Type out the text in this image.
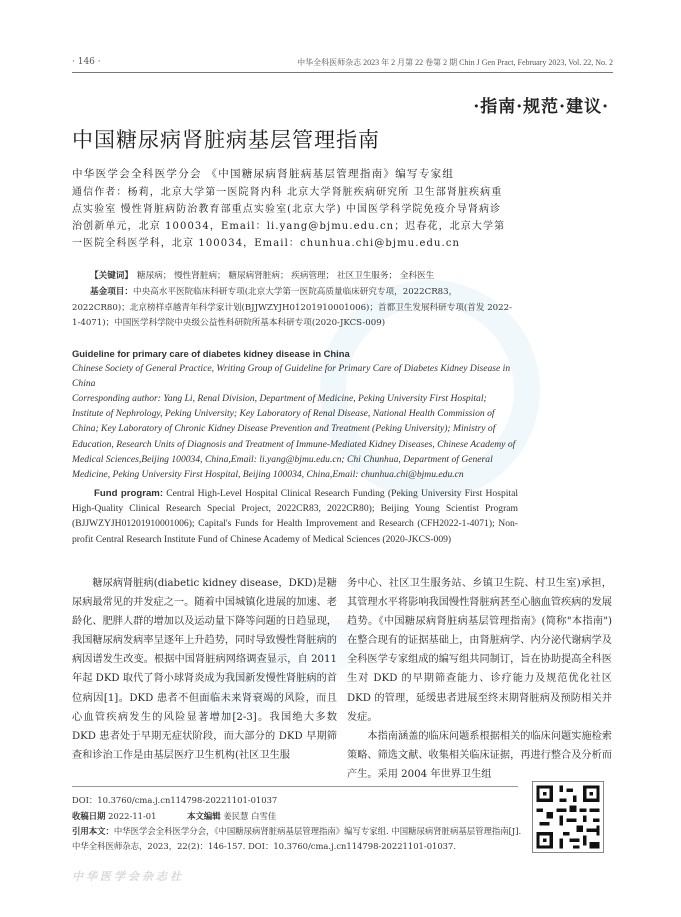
· 146 ·	中华全科医师杂志 2023 年 2 月第 22 卷第 2 期 Chin J Gen Pract, February 2023, Vol. 22, No. 2
·指南·规范·建议·
中国糖尿病肾脏病基层管理指南
中华医学会全科医学分会 《中国糖尿病肾脏病基层管理指南》编写专家组
通信作者：杨莉，北京大学第一医院肾内科 北京大学肾脏疾病研究所 卫生部肾脏疾病重点实验室 慢性肾脏病防治教育部重点实验室(北京大学) 中国医学科学院免疫介导肾病诊治创新单元，北京 100034，Email：li.yang@bjmu.edu.cn；迟春花，北京大学第一医院全科医学科，北京 100034，Email：chunhua.chi@bjmu.edu.cn
【关键词】 糖尿病； 慢性肾脏病； 糖尿病肾脏病； 疾病管理； 社区卫生服务； 全科医生
基金项目：中央高水平医院临床科研专项(北京大学第一医院高质量临床研究专项，2022CR83，2022CR80)；北京榜样卓越青年科学家计划(BJJWZYJH01201910001006)；首都卫生发展科研专项(首发 2022-1-4071)；中国医学科学院中央级公益性科研院所基本科研专项(2020-JKCS-009)
Guideline for primary care of diabetes kidney disease in China
Chinese Society of General Practice, Writing Group of Guideline for Primary Care of Diabetes Kidney Disease in China
Corresponding author: Yang Li, Renal Division, Department of Medicine, Peking University First Hospital; Institute of Nephrology, Peking University; Key Laboratory of Renal Disease, National Health Commission of China; Key Laboratory of Chronic Kidney Disease Prevention and Treatment (Peking University); Ministry of Education, Research Units of Diagnosis and Treatment of Immune-Mediated Kidney Diseases, Chinese Academy of Medical Sciences,Beijing 100034, China,Email: li.yang@bjmu.edu.cn; Chi Chunhua, Department of General Medicine, Peking University First Hospital, Beijing 100034, China,Email: chunhua.chi@bjmu.edu.cn
Fund program: Central High-Level Hospital Clinical Research Funding (Peking University First Hospital High-Quality Clinical Research Special Project, 2022CR83, 2022CR80); Beijing Young Scientist Program (BJJWZYJH01201910001006); Capital's Funds for Health Improvement and Research (CFH2022-1-4071); Non-profit Central Research Institute Fund of Chinese Academy of Medical Sciences (2020-JKCS-009)

糖尿病肾脏病(diabetic kidney disease，DKD)是糖尿病最常见的并发症之一。随着中国城镇化进展的加速、老龄化、肥胖人群的增加以及运动量下降等问题的日趋显现，我国糖尿病发病率呈逐年上升趋势，同时导致慢性肾脏病的病因谱发生改变。根据中国肾脏病网络调查显示，自 2011 年起 DKD 取代了肾小球肾炎成为我国新发慢性肾脏病的首位病因[1]。DKD 患者不但面临未来肾衰竭的风险，而且心血管疾病发生的风险显著增加[2-3]。我国绝大多数 DKD 患者处于早期无症状阶段，而大部分的 DKD 早期筛查和诊治工作是由基层医疗卫生机构(社区卫生服

务中心、社区卫生服务站、乡镇卫生院、村卫生室)承担，其管理水平将影响我国慢性肾脏病甚至心脑血管疾病的发展趋势。《中国糖尿病肾脏病基层管理指南》(简称"本指南")在整合现有的证据基础上，由肾脏病学、内分泌代谢病学及全科医学专家组成的编写组共同制订，旨在协助提高全科医生对 DKD 的早期筛查能力、诊疗能力及规范优化社区 DKD 的管理，延缓患者进展至终末期肾脏病及预防相关并发症。

本指南涵盖的临床问题系根据相关的临床问题实施检索策略、筛选文献、收集相关临床证据，再进行整合及分析而产生。采用 2004 年世界卫生组

DOI：10.3760/cma.j.cn114798-20221101-01037
收稿日期 2022-11-01	本文编辑 姜民慧 白雪佳
引用本文：中华医学会全科医学分会，《中国糖尿病肾脏病基层管理指南》编写专家组. 中国糖尿病肾脏病基层管理指南[J]. 中华全科医师杂志，2023，22(2)：146-157. DOI：10.3760/cma.j.cn114798-20221101-01037.
中华医学会杂志社
